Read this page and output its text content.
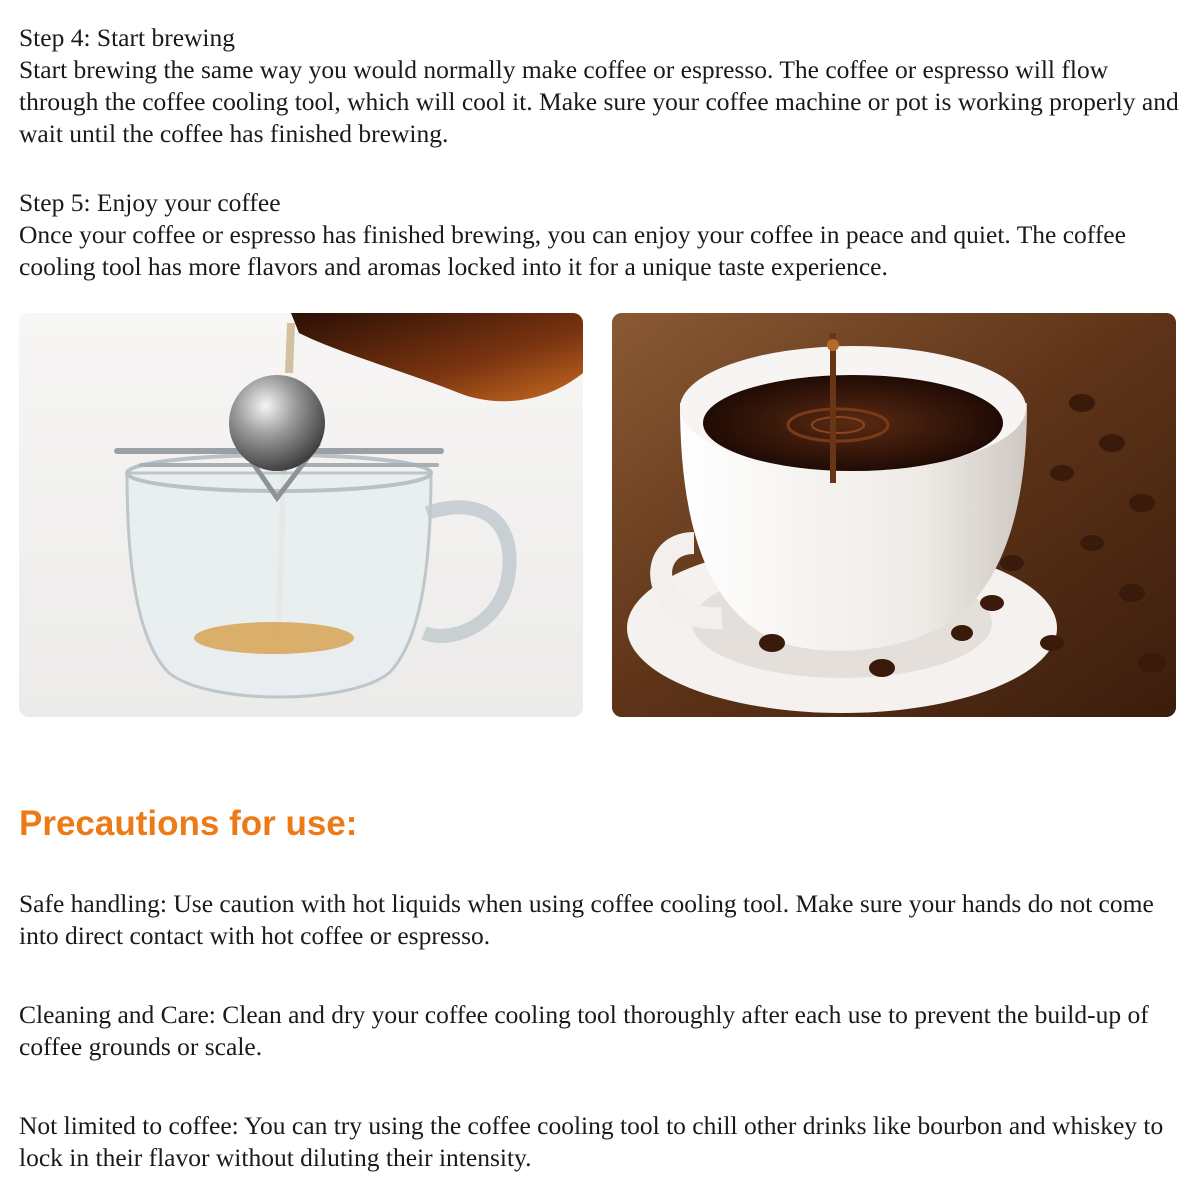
Step 4: Start brewing

Start brewing the same way you would normally make coffee or espresso. The coffee or espresso will flow through the coffee cooling tool, which will cool it. Make sure your coffee machine or pot is working properly and wait until the coffee has finished brewing.

Step 5: Enjoy your coffee

Once your coffee or espresso has finished brewing, you can enjoy your coffee in peace and quiet. The coffee cooling tool has more flavors and aromas locked into it for a unique taste experience.

Precautions for use:

Safe handling: Use caution with hot liquids when using coffee cooling tool. Make sure your hands do not come into direct contact with hot coffee or espresso.

Cleaning and Care: Clean and dry your coffee cooling tool thoroughly after each use to prevent the build-up of coffee grounds or scale.

Not limited to coffee: You can try using the coffee cooling tool to chill other drinks like bourbon and whiskey to lock in their flavor without diluting their intensity.
